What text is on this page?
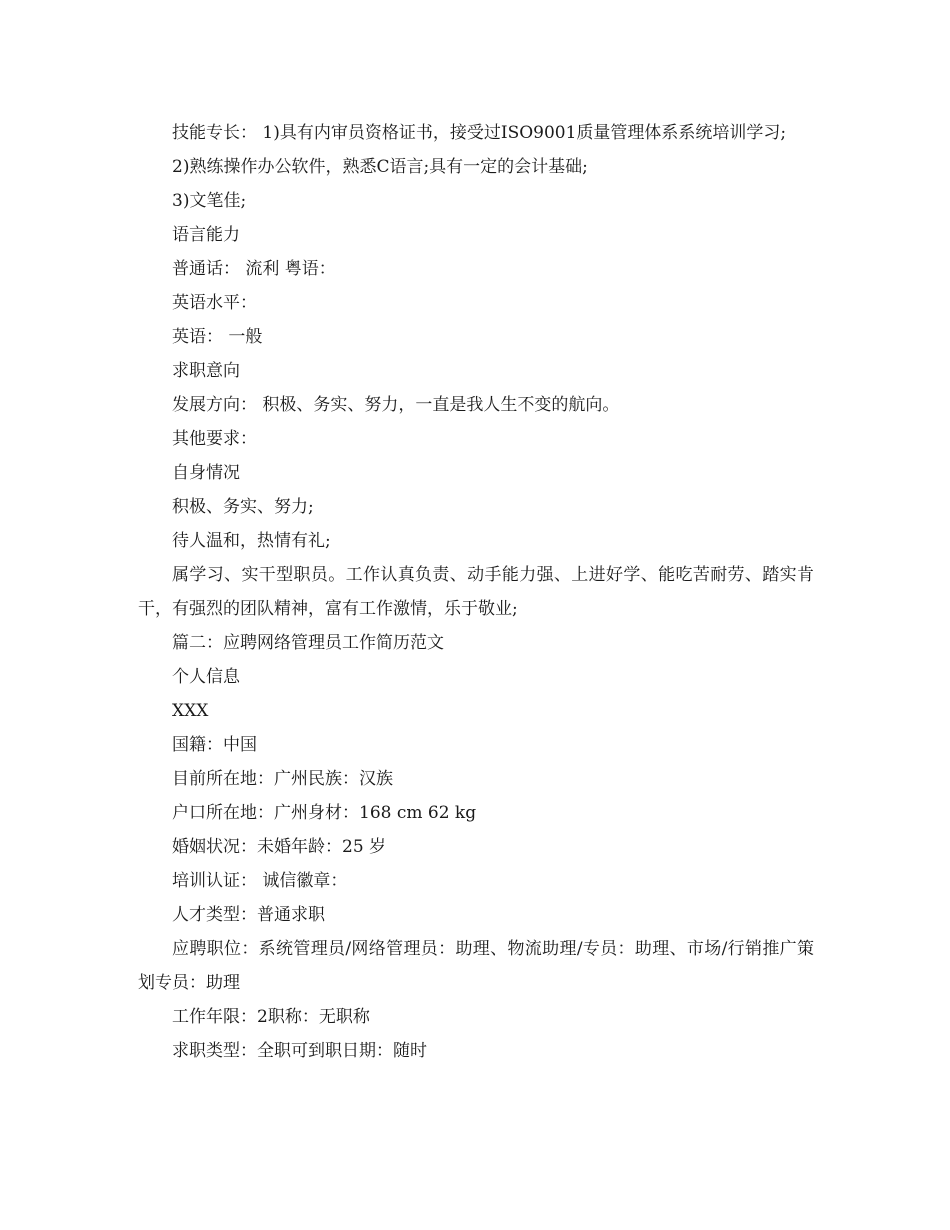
技能专长： 1)具有内审员资格证书，接受过ISO9001质量管理体系系统培训学习;

2)熟练操作办公软件，熟悉C语言;具有一定的会计基础;

3)文笔佳;

语言能力

普通话： 流利 粤语：

英语水平：

英语： 一般

求职意向

发展方向： 积极、务实、努力，一直是我人生不变的航向。

其他要求：

自身情况

积极、务实、努力;

待人温和，热情有礼;

属学习、实干型职员。工作认真负责、动手能力强、上进好学、能吃苦耐劳、踏实肯干，有强烈的团队精神，富有工作激情，乐于敬业;

篇二：应聘网络管理员工作简历范文

个人信息

XXX

国籍：中国

目前所在地：广州民族：汉族

户口所在地：广州身材：168 cm 62 kg

婚姻状况：未婚年龄：25 岁

培训认证： 诚信徽章：

人才类型：普通求职

应聘职位：系统管理员/网络管理员：助理、物流助理/专员：助理、市场/行销推广策划专员：助理

工作年限：2职称：无职称

求职类型：全职可到职日期：随时
